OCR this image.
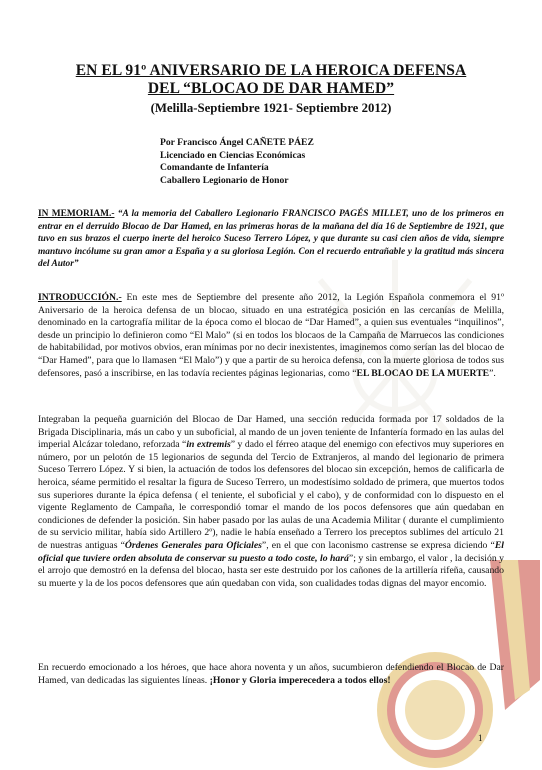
EN EL 91º ANIVERSARIO DE LA HEROICA DEFENSA
DEL “BLOCAO DE DAR HAMED”
(Melilla-Septiembre 1921- Septiembre 2012)
Por Francisco Ángel CAÑETE PÁEZ
Licenciado en Ciencias Económicas
Comandante de Infantería
Caballero Legionario de Honor
IN MEMORIAM.- “A la memoria del Caballero Legionario FRANCISCO PAGÉS MILLET, uno de los primeros en entrar en el derruido Blocao de Dar Hamed, en las primeras horas de la mañana del día 16 de Septiembre de 1921, que tuvo en sus brazos el cuerpo inerte del heroico Suceso Terrero López, y que durante su casi cien años de vida, siempre mantuvo incólume su gran amor a España y a su gloriosa Legión. Con el recuerdo entrañable y la gratitud más sincera del Autor”
INTRODUCCIÓN.- En este mes de Septiembre del presente año 2012, la Legión Española conmemora el 91º Aniversario de la heroica defensa de un blocao, situado en una estratégica posición en las cercanías de Melilla, denominado en la cartografía militar de la época como el blocao de “Dar Hamed”, a quien sus eventuales “inquilinos”, desde un principio lo definieron como “El Malo” (si en todos los blocaos de la Campaña de Marruecos las condiciones de habitabilidad, por motivos obvios, eran mínimas por no decir inexistentes, imaginemos como serían las del blocao de “Dar Hamed”, para que lo llamasen “El Malo”) y que a partir de su heroica defensa, con la muerte gloriosa de todos sus defensores, pasó a inscribirse, en las todavía recientes páginas legionarias, como “EL BLOCAO DE LA MUERTE”.
Integraban la pequeña guarnición del Blocao de Dar Hamed, una sección reducida formada por 17 soldados de la Brigada Disciplinaria, más un cabo y un suboficial, al mando de un joven teniente de Infantería formado en las aulas del imperial Alcázar toledano, reforzada “in extremis” y dado el férreo ataque del enemigo con efectivos muy superiores en número, por un pelotón de 15 legionarios de segunda del Tercio de Extranjeros, al mando del legionario de primera Suceso Terrero López. Y si bien, la actuación de todos los defensores del blocao sin excepción, hemos de calificarla de heroica, séame permitido el resaltar la figura de Suceso Terrero, un modestísimo soldado de primera, que muertos todos sus superiores durante la épica defensa ( el teniente, el suboficial y el cabo), y de conformidad con lo dispuesto en el vigente Reglamento de Campaña, le correspondió tomar el mando de los pocos defensores que aún quedaban en condiciones de defender la posición. Sin haber pasado por las aulas de una Academia Militar ( durante el cumplimiento de su servicio militar, había sido Artillero 2º), nadie le había enseñado a Terrero los preceptos sublimes del artículo 21 de nuestras antiguas “Órdenes Generales para Oficiales”, en el que con laconismo castrense se expresa diciendo “El oficial que tuviere orden absoluta de conservar su puesto a todo coste, lo hará”; y sin embargo, el valor , la decisión y el arrojo que demostró en la defensa del blocao, hasta ser este destruido por los cañones de la artillería rifeña, causando su muerte y la de los pocos defensores que aún quedaban con vida, son cualidades todas dignas del mayor encomio.
En recuerdo emocionado a los héroes, que hace ahora noventa y un años, sucumbieron defendiendo el Blocao de Dar Hamed, van dedicadas las siguientes líneas. ¡Honor y Gloria imperecedera a todos ellos!
1
